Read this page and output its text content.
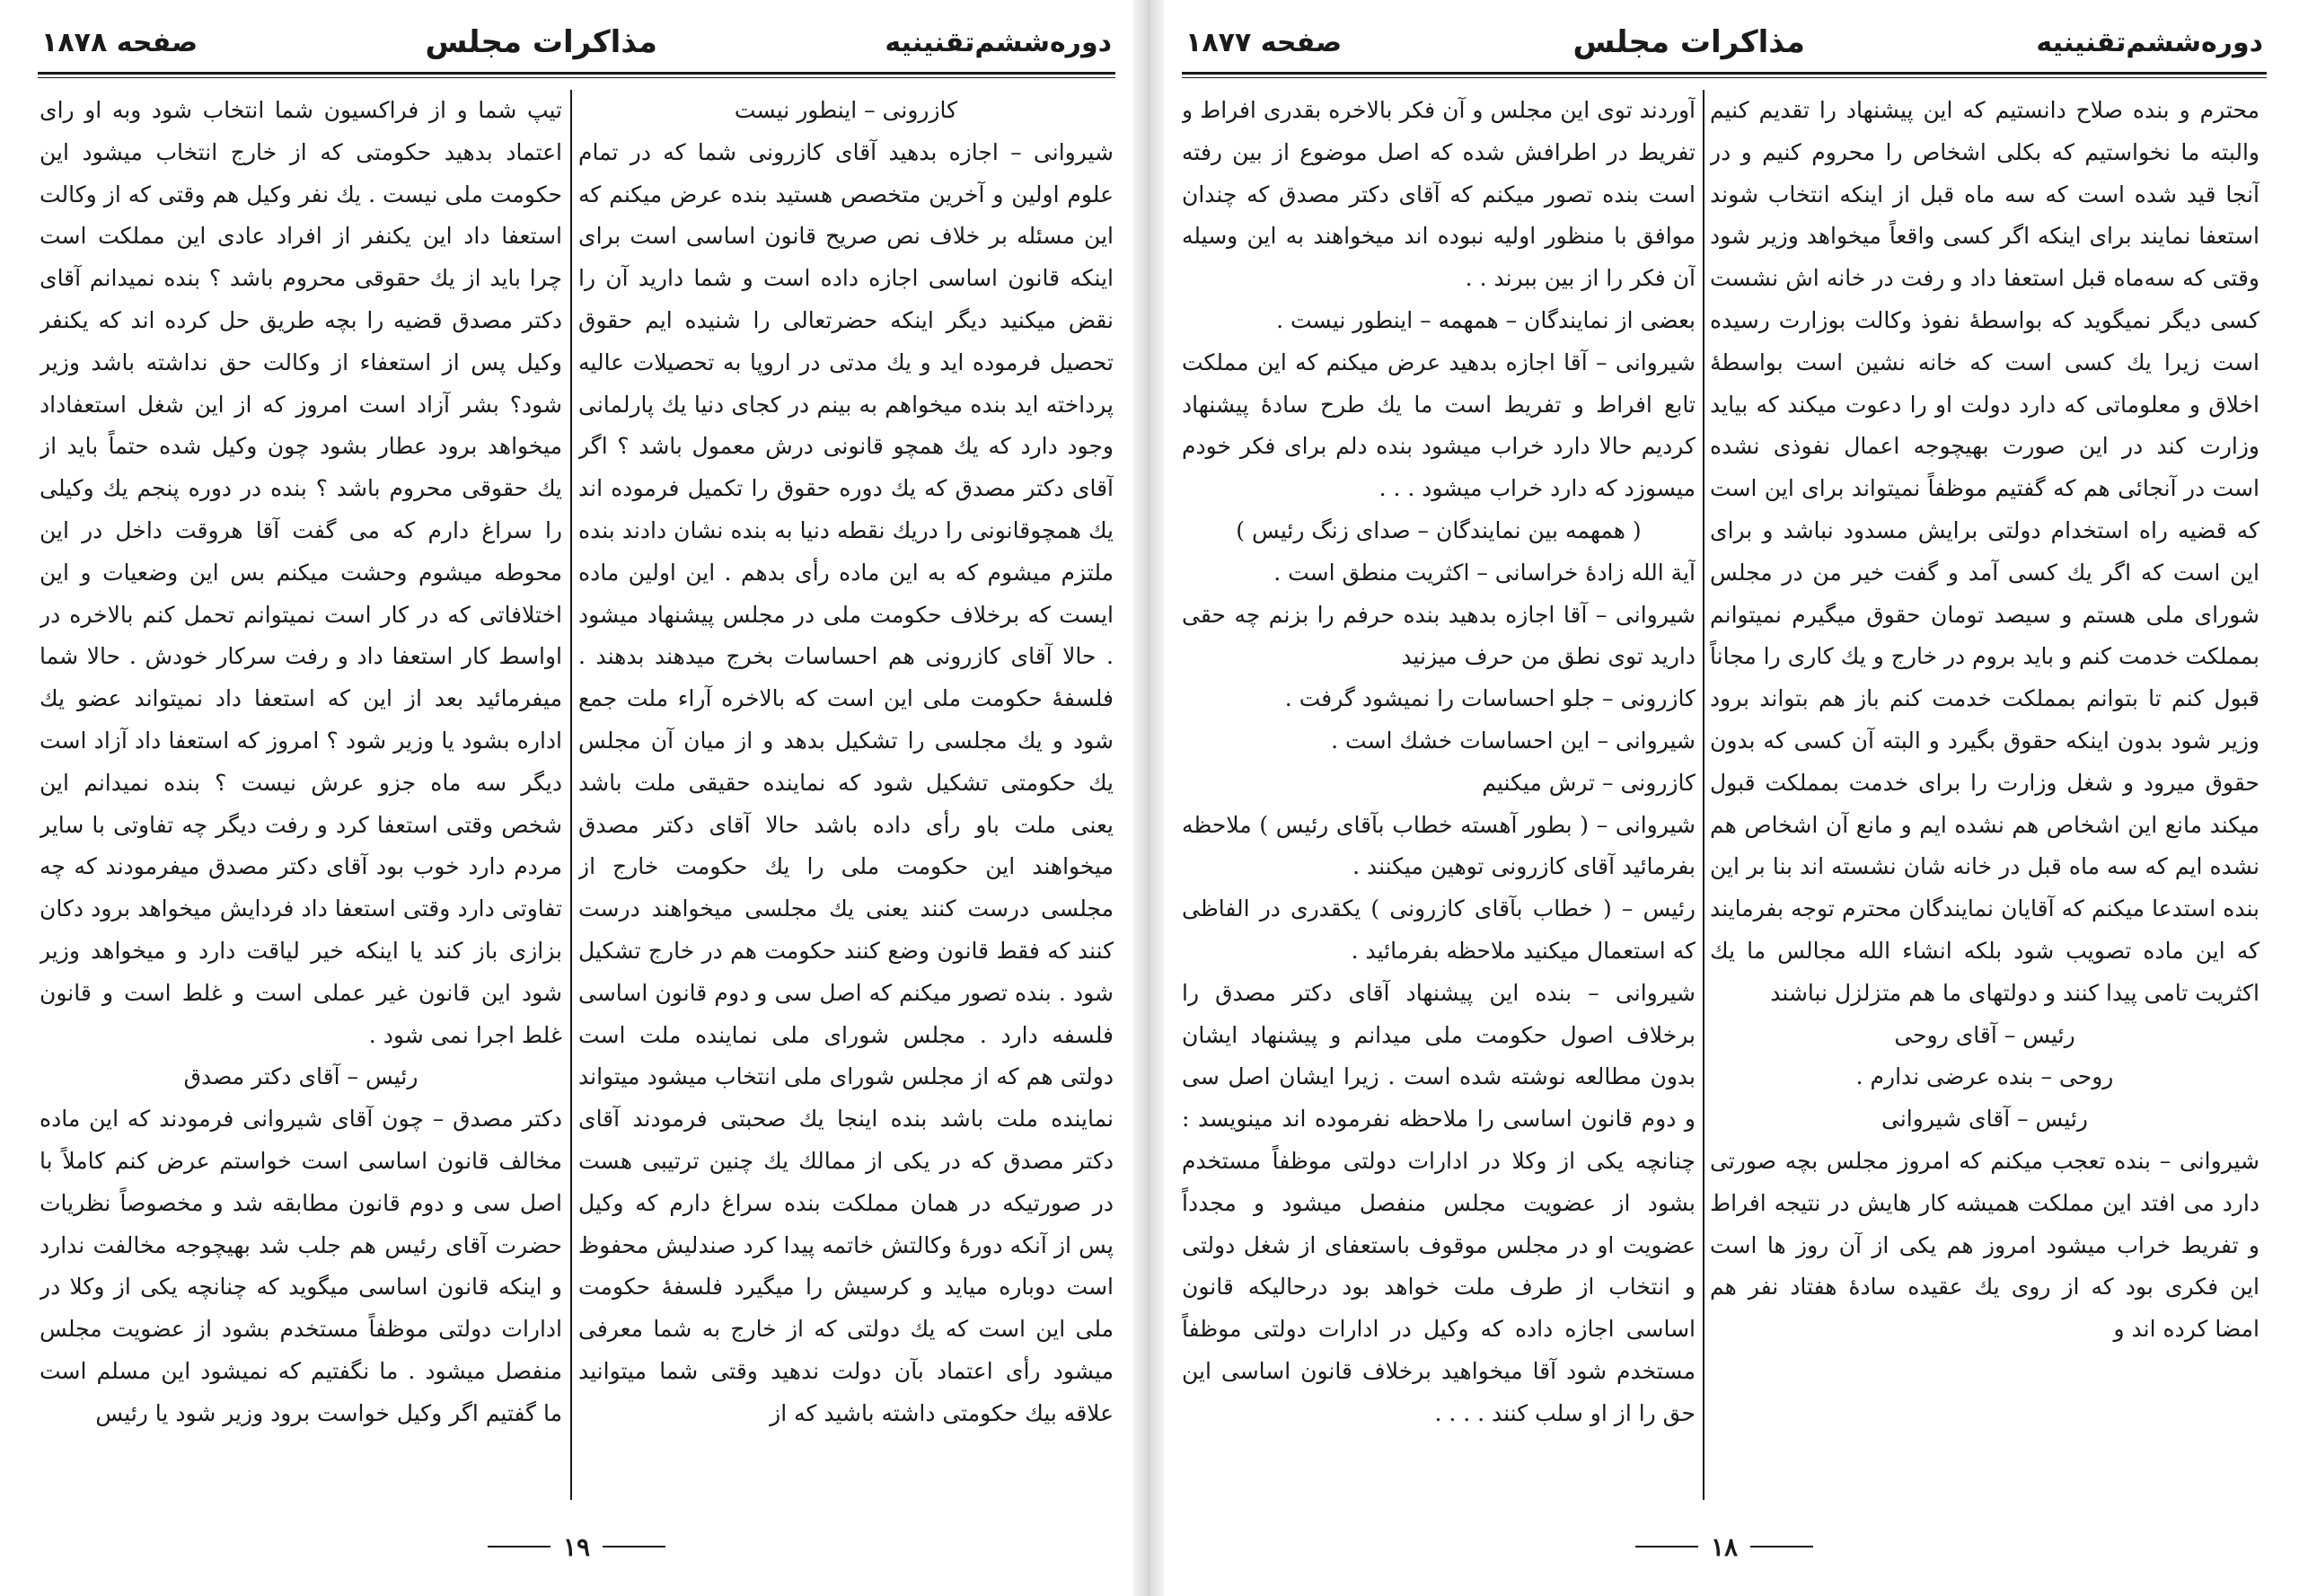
دوره‌ششم‌تقنینیه
مذاکرات مجلس
صفحه ۱۸۷۸

کازرونی – اینطور نیست

شیروانی – اجازه بدهید آقای کازرونی شما که در تمام علوم اولین و آخرین متخصص هستید بنده عرض میکنم که این مسئله بر خلاف نص صریح قانون اساسی است برای اینکه قانون اساسی اجازه داده است و شما دارید آن را نقض میکنید دیگر اینکه حضرتعالی را شنیده ایم حقوق تحصیل فرموده اید و یك مدتی در اروپا به تحصیلات عالیه پرداخته اید بنده میخواهم به بینم در کجای دنیا یك پارلمانی وجود دارد که یك همچو قانونی درش معمول باشد ؟ اگر آقای دکتر مصدق که یك دوره حقوق را تکمیل فرموده اند یك همچوقانونی را دریك نقطه دنیا به بنده نشان دادند بنده ملتزم میشوم که به این ماده رأی بدهم . این اولین ماده ایست که برخلاف حکومت ملی در مجلس پیشنهاد میشود . حالا آقای کازرونی هم احساسات بخرج میدهند بدهند . فلسفهٔ حکومت ملی این است که بالاخره آراء ملت جمع شود و یك مجلسی را تشکیل بدهد و از میان آن مجلس یك حکومتی تشکیل شود که نماینده حقیقی ملت باشد یعنی ملت باو رأی داده باشد حالا آقای دکتر مصدق میخواهند این حکومت ملی را یك حکومت خارج از مجلسی درست کنند یعنی یك مجلسی میخواهند درست کنند که فقط قانون وضع کنند حکومت هم در خارج تشکیل شود . بنده تصور میکنم که اصل سی و دوم قانون اساسی فلسفه دارد . مجلس شورای ملی نماینده ملت است دولتی هم که از مجلس شورای ملی انتخاب میشود میتواند نماینده ملت باشد بنده اینجا یك صحبتی فرمودند آقای دکتر مصدق که در یکی از ممالك یك چنین ترتیبی هست در صورتیکه در همان مملکت بنده سراغ دارم که وکیل پس از آنکه دورهٔ وکالتش خاتمه پیدا کرد صندلیش محفوظ است دوباره میاید و کرسیش را میگیرد فلسفهٔ حکومت ملی این است که یك دولتی که از خارج به شما معرفی میشود رأی اعتماد بآن دولت ندهید وقتی شما میتوانید علاقه بیك حکومتی داشته باشید که از

تیپ شما و از فراکسیون شما انتخاب شود وبه او رای اعتماد بدهید حکومتی که از خارج انتخاب میشود این حکومت ملی نیست . یك نفر وکیل هم وقتی که از وکالت استعفا داد این یکنفر از افراد عادی این مملکت است چرا باید از یك حقوقی محروم باشد ؟ بنده نمیدانم آقای دکتر مصدق قضیه را بچه طریق حل کرده اند که یکنفر وکیل پس از استعفاء از وکالت حق نداشته باشد وزیر شود؟ بشر آزاد است امروز که از این شغل استعفاداد میخواهد برود عطار بشود چون وکیل شده حتماً باید از یك حقوقی محروم باشد ؟ بنده در دوره پنجم یك وکیلی را سراغ دارم که می گفت آقا هروقت داخل در این محوطه میشوم وحشت میکنم بس این وضعیات و این اختلافاتی که در کار است نمیتوانم تحمل کنم بالاخره در اواسط کار استعفا داد و رفت سرکار خودش . حالا شما میفرمائید بعد از این که استعفا داد نمیتواند عضو یك اداره بشود یا وزیر شود ؟ امروز که استعفا داد آزاد است دیگر سه ماه جزو عرش نیست ؟ بنده نمیدانم این شخص وقتی استعفا کرد و رفت دیگر چه تفاوتی با سایر مردم دارد خوب بود آقای دکتر مصدق میفرمودند که چه تفاوتی دارد وقتی استعفا داد فردایش میخواهد برود دکان بزازی باز کند یا اینکه خیر لیاقت دارد و میخواهد وزیر شود این قانون غیر عملی است و غلط است و قانون غلط اجرا نمی شود .

رئیس – آقای دکتر مصدق

دکتر مصدق – چون آقای شیروانی فرمودند که این ماده مخالف قانون اساسی است خواستم عرض کنم کاملاً با اصل سی و دوم قانون مطابقه شد و مخصوصاً نظریات حضرت آقای رئیس هم جلب شد بهیچوجه مخالفت ندارد و اینکه قانون اساسی میگوید که چنانچه یکی از وکلا در ادارات دولتی موظفاً مستخدم بشود از عضویت مجلس منفصل میشود . ما نگفتیم که نمیشود این مسلم است ما گفتیم اگر وکیل خواست برود وزیر شود یا رئیس

۱۹
دوره‌ششم‌تقنینیه
مذاکرات مجلس
صفحه ۱۸۷۷

محترم و بنده صلاح دانستیم که این پیشنهاد را تقدیم کنیم والبته ما نخواستیم که بکلی اشخاص را محروم کنیم و در آنجا قید شده است که سه ماه قبل از اینکه انتخاب شوند استعفا نمایند برای اینکه اگر کسی واقعاً میخواهد وزیر شود وقتی که سه‌ماه قبل استعفا داد و رفت در خانه اش نشست کسی دیگر نمیگوید که بواسطهٔ نفوذ وکالت بوزارت رسیده است زیرا یك کسی است که خانه نشین است بواسطهٔ اخلاق و معلوماتی که دارد دولت او را دعوت میکند که بیاید وزارت کند در این صورت بهیچوجه اعمال نفوذی نشده است در آنجائی هم که گفتیم موظفاً نمیتواند برای این است که قضیه راه استخدام دولتی برایش مسدود نباشد و برای این است که اگر یك کسی آمد و گفت خیر من در مجلس شورای ملی هستم و سیصد تومان حقوق میگیرم نمیتوانم بمملکت خدمت کنم و باید بروم در خارج و یك کاری را مجاناً قبول کنم تا بتوانم بمملکت خدمت کنم باز هم بتواند برود وزیر شود بدون اینکه حقوق بگیرد و البته آن کسی که بدون حقوق میرود و شغل وزارت را برای خدمت بمملکت قبول میکند مانع این اشخاص هم نشده ایم و مانع آن اشخاص هم نشده ایم که سه ماه قبل در خانه شان نشسته اند بنا بر این بنده استدعا میکنم که آقایان نمایندگان محترم توجه بفرمایند که این ماده تصویب شود بلکه انشاء الله مجالس ما یك اکثریت تامی پیدا کنند و دولتهای ما هم متزلزل نباشند

رئیس – آقای روحی

روحی – بنده عرضی ندارم .

رئیس – آقای شیروانی

شیروانی – بنده تعجب میکنم که امروز مجلس بچه صورتی دارد می افتد این مملکت همیشه کار هایش در نتیجه افراط و تفریط خراب میشود امروز هم یکی از آن روز ها است این فکری بود که از روی یك عقیده سادهٔ هفتاد نفر هم امضا کرده اند و

آوردند توی این مجلس و آن فکر بالاخره بقدری افراط و تفریط در اطرافش شده که اصل موضوع از بین رفته است بنده تصور میکنم که آقای دکتر مصدق که چندان موافق با منظور اولیه نبوده اند میخواهند به این وسیله آن فکر را از بین ببرند . .

بعضی از نمایندگان – همهمه – اینطور نیست .

شیروانی – آقا اجازه بدهید عرض میکنم که این مملکت تابع افراط و تفریط است ما یك طرح سادهٔ پیشنهاد کردیم حالا دارد خراب میشود بنده دلم برای فکر خودم میسوزد که دارد خراب میشود . . .

( همهمه بین نمایندگان – صدای زنگ رئیس )

آیة الله زادهٔ خراسانی – اکثریت منطق است .

شیروانی – آقا اجازه بدهید بنده حرفم را بزنم چه حقی دارید توی نطق من حرف میزنید

کازرونی – جلو احساسات را نمیشود گرفت .

شیروانی – این احساسات خشك است .

کازرونی – ترش میکنیم

شیروانی – ( بطور آهسته خطاب بآقای رئیس ) ملاحظه بفرمائید آقای کازرونی توهین میکنند .

رئیس – ( خطاب بآقای کازرونی ) یکقدری در الفاظی که استعمال میکنید ملاحظه بفرمائید .

شیروانی – بنده این پیشنهاد آقای دکتر مصدق را برخلاف اصول حکومت ملی میدانم و پیشنهاد ایشان بدون مطالعه نوشته شده است . زیرا ایشان اصل سی و دوم قانون اساسی را ملاحظه نفرموده اند مینویسد : چنانچه یکی از وکلا در ادارات دولتی موظفاً مستخدم بشود از عضویت مجلس منفصل میشود و مجدداً عضویت او در مجلس موقوف باستعفای از شغل دولتی و انتخاب از طرف ملت خواهد بود درحالیکه قانون اساسی اجازه داده که وکیل در ادارات دولتی موظفاً مستخدم شود آقا میخواهید برخلاف قانون اساسی این حق را از او سلب کنند . . . .

۱۸
